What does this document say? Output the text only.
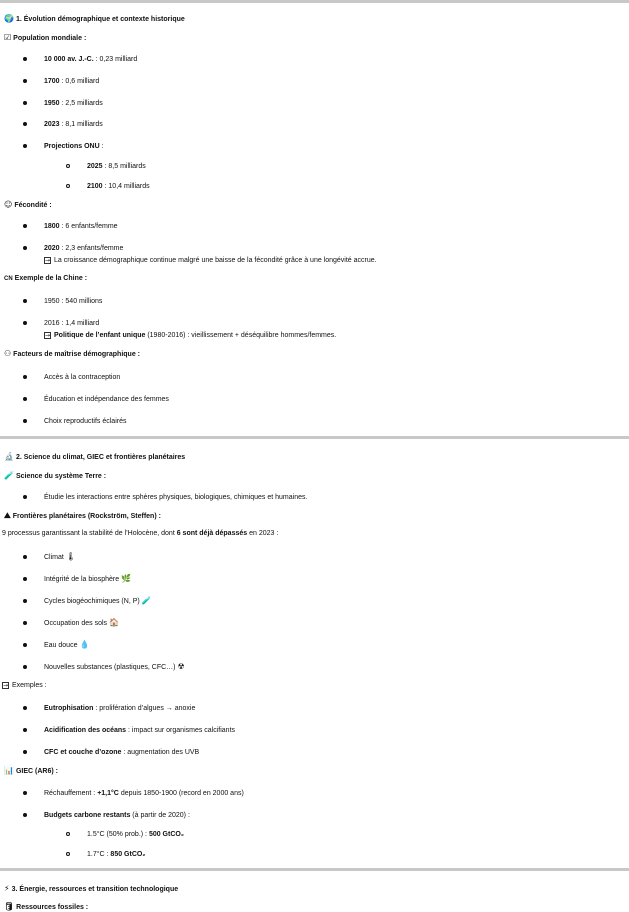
🌍 1. Évolution démographique et contexte historique
☑ Population mondiale :
10 000 av. J.-C. : 0,23 milliard
1700 : 0,6 milliard
1950 : 2,5 milliards
2023 : 8,1 milliards
Projections ONU :
2025 : 8,5 milliards
2100 : 10,4 milliards
☺ Fécondité :
1800 : 6 enfants/femme
2020 : 2,3 enfants/femme
→ La croissance démographique continue malgré une baisse de la fécondité grâce à une longévité accrue.
CN Exemple de la Chine :
1950 : 540 millions
2016 : 1,4 milliard
→ Politique de l’enfant unique (1980-2016) : vieillissement + déséquilibre hommes/femmes.
⚇ Facteurs de maîtrise démographique :
Accès à la contraception
Éducation et indépendance des femmes
Choix reproductifs éclairés
🔬 2. Science du climat, GIEC et frontières planétaires
🧪 Science du système Terre :
Étudie les interactions entre sphères physiques, biologiques, chimiques et humaines.
⛰ Frontières planétaires (Rockström, Steffen) :
9 processus garantissant la stabilité de l’Holocène, dont 6 sont déjà dépassés en 2023 :
Climat 🌡
Intégrité de la biosphère 🌿
Cycles biogéochimiques (N, P) 🧪
Occupation des sols 🏠
Eau douce 💧
Nouvelles substances (plastiques, CFC…) ☢
→ Exemples :
Eutrophisation : prolifération d’algues → anoxie
Acidification des océans : impact sur organismes calcifiants
CFC et couche d’ozone : augmentation des UVB
📊 GIEC (AR6) :
Réchauffement : +1,1°C depuis 1850-1900 (record en 2000 ans)
Budgets carbone restants (à partir de 2020) :
1.5°C (50% prob.) : 500 GtCO₂
1.7°C : 850 GtCO₂
⚡ 3. Énergie, ressources et transition technologique
🛢 Ressources fossiles :
